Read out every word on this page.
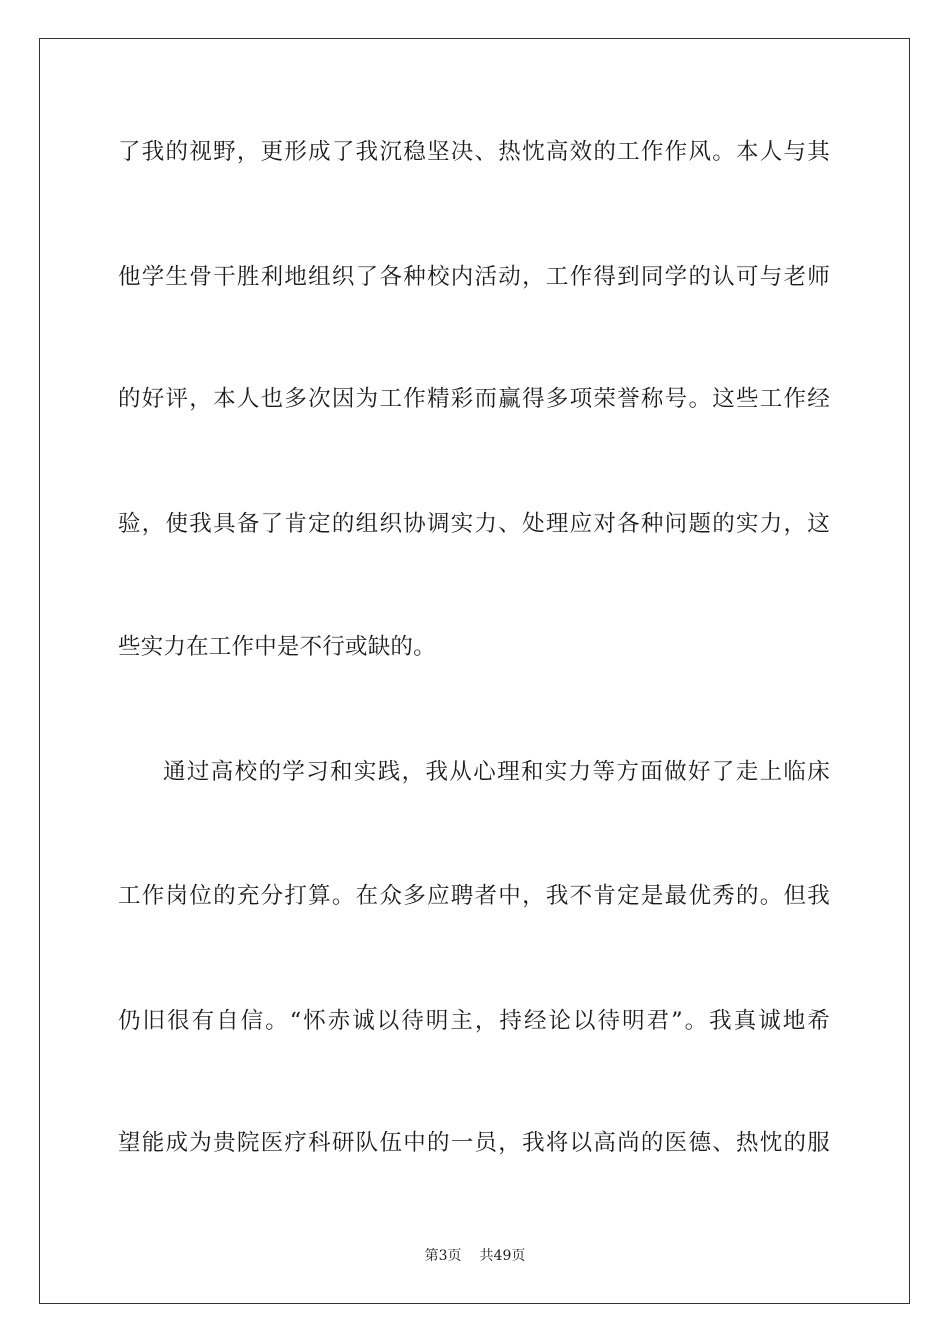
了我的视野，更形成了我沉稳坚决、热忱高效的工作作风。本人与其
他学生骨干胜利地组织了各种校内活动，工作得到同学的认可与老师
的好评，本人也多次因为工作精彩而赢得多项荣誉称号。这些工作经
验，使我具备了肯定的组织协调实力、处理应对各种问题的实力，这
些实力在工作中是不行或缺的。
通过高校的学习和实践，我从心理和实力等方面做好了走上临床
工作岗位的充分打算。在众多应聘者中，我不肯定是最优秀的。但我
仍旧很有自信。“怀赤诚以待明主，持经论以待明君”。我真诚地希
望能成为贵院医疗科研队伍中的一员，我将以高尚的医德、热忱的服
第3页 共49页
